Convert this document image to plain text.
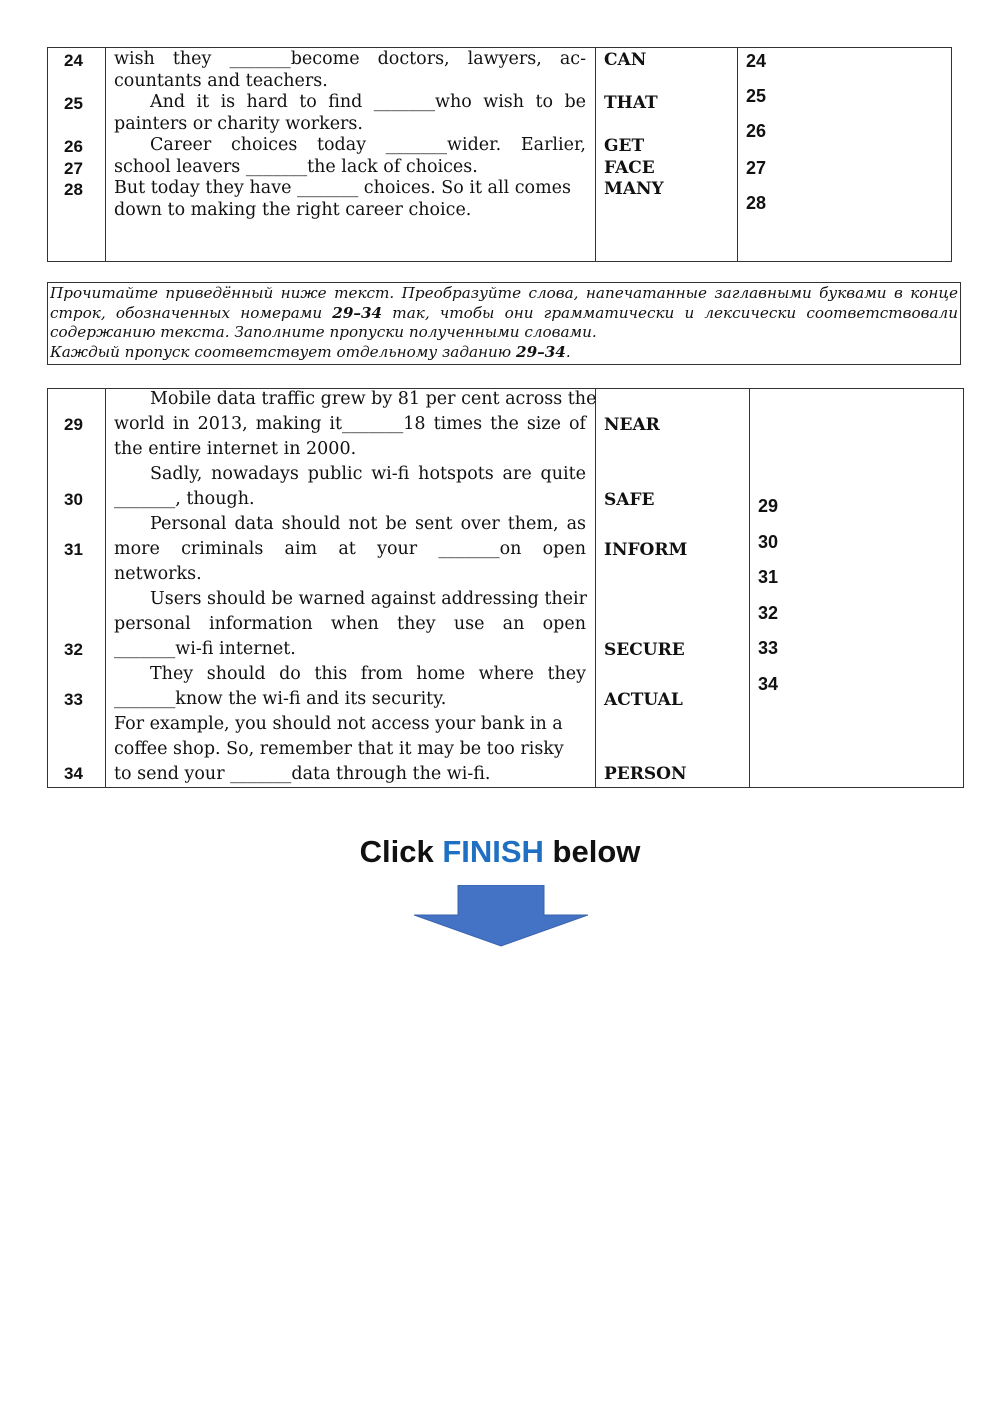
24
25
26
27
28
wish they _______become doctors, lawyers, ac-
countants and teachers.
And it is hard to find _______who wish to be
painters or charity workers.
Career choices today _______wider. Earlier,
school leavers _______the lack of choices.
But today they have _______ choices. So it all comes
down to making the right career choice.
CAN
THAT
GET
FACE
MANY
24
25
26
27
28
Прочитайте приведённый ниже текст. Преобразуйте слова, напечатанные заглавными буквами в конце
строк, обозначенных номерами 29–34 так, чтобы они грамматически и лексически соответствовали
содержанию текста. Заполните пропуски полученными словами.
Каждый пропуск соответствует отдельному заданию 29–34.
29
30
31
32
33
34
Mobile data traffic grew by 81 per cent across the
world in 2013, making it_______18 times the size of
the entire internet in 2000.
Sadly, nowadays public wi-fi hotspots are quite
_______, though.
Personal data should not be sent over them, as
more criminals aim at your _______on open
networks.
Users should be warned against addressing their
personal information when they use an open
_______wi-fi internet.
They should do this from home where they
_______know the wi-fi and its security.
For example, you should not access your bank in a
coffee shop. So, remember that it may be too risky
to send your _______data through the wi-fi.
NEAR
SAFE
INFORM
SECURE
ACTUAL
PERSON
29
30
31
32
33
34
Click FINISH below
